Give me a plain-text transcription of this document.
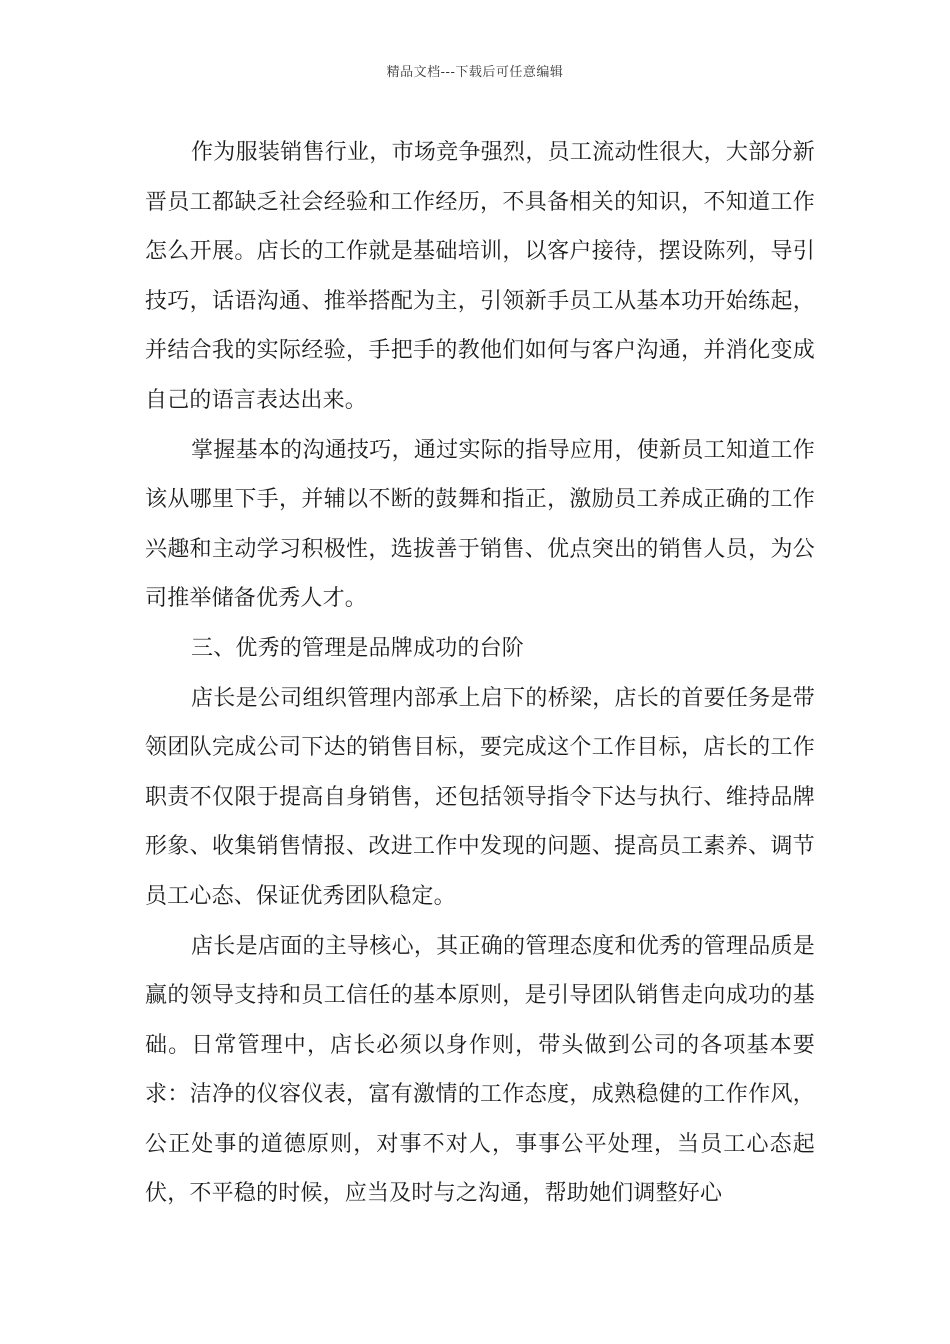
精品文档---下载后可任意编辑

作为服装销售行业，市场竞争强烈，员工流动性很大，大部分新晋员工都缺乏社会经验和工作经历，不具备相关的知识，不知道工作怎么开展。店长的工作就是基础培训，以客户接待，摆设陈列，导引技巧，话语沟通、推举搭配为主，引领新手员工从基本功开始练起，并结合我的实际经验，手把手的教他们如何与客户沟通，并消化变成自己的语言表达出来。

掌握基本的沟通技巧，通过实际的指导应用，使新员工知道工作该从哪里下手，并辅以不断的鼓舞和指正，激励员工养成正确的工作兴趣和主动学习积极性，选拔善于销售、优点突出的销售人员，为公司推举储备优秀人才。

三、优秀的管理是品牌成功的台阶

店长是公司组织管理内部承上启下的桥梁，店长的首要任务是带领团队完成公司下达的销售目标，要完成这个工作目标，店长的工作职责不仅限于提高自身销售，还包括领导指令下达与执行、维持品牌形象、收集销售情报、改进工作中发现的问题、提高员工素养、调节员工心态、保证优秀团队稳定。

店长是店面的主导核心，其正确的管理态度和优秀的管理品质是赢的领导支持和员工信任的基本原则，是引导团队销售走向成功的基础。日常管理中，店长必须以身作则，带头做到公司的各项基本要求：洁净的仪容仪表，富有激情的工作态度，成熟稳健的工作作风，公正处事的道德原则，对事不对人，事事公平处理，当员工心态起伏，不平稳的时候，应当及时与之沟通，帮助她们调整好心
